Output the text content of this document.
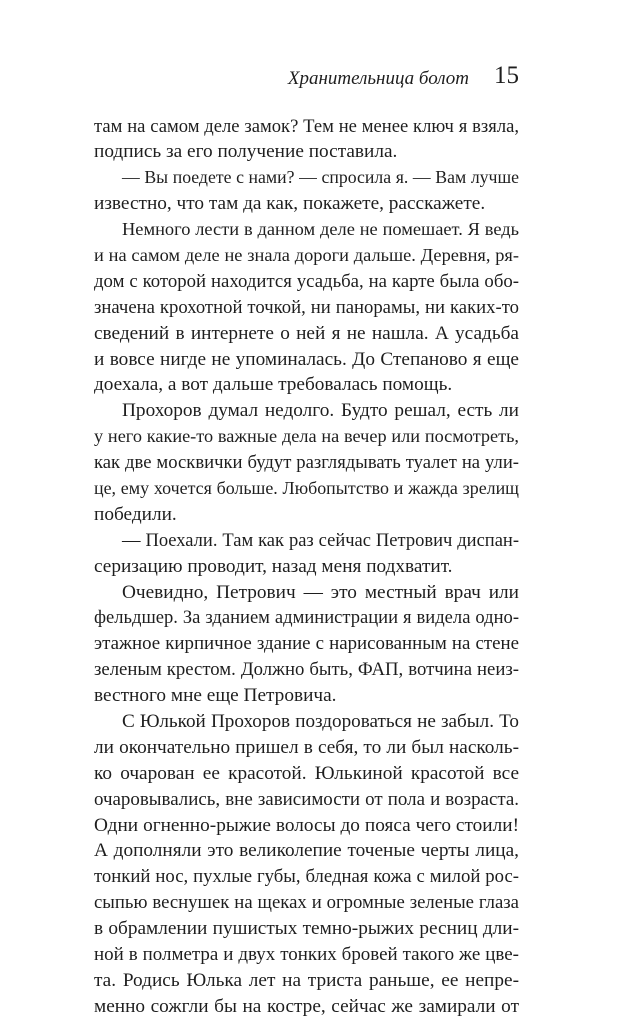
Хранительница болот 15
там на самом деле замок? Тем не менее ключ я взяла,
подпись за его получение поставила.
— Вы поедете с нами? — спросила я. — Вам лучше
известно, что там да как, покажете, расскажете.
Немного лести в данном деле не помешает. Я ведь
и на самом деле не знала дороги дальше. Деревня, ря-
дом с которой находится усадьба, на карте была обо-
значена крохотной точкой, ни панорамы, ни каких-то
сведений в интернете о ней я не нашла. А усадьба
и вовсе нигде не упоминалась. До Степаново я еще
доехала, а вот дальше требовалась помощь.
Прохоров думал недолго. Будто решал, есть ли
у него какие-то важные дела на вечер или посмотреть,
как две москвички будут разглядывать туалет на ули-
це, ему хочется больше. Любопытство и жажда зрелищ
победили.
— Поехали. Там как раз сейчас Петрович диспан-
серизацию проводит, назад меня подхватит.
Очевидно, Петрович — это местный врач или
фельдшер. За зданием администрации я видела одно-
этажное кирпичное здание с нарисованным на стене
зеленым крестом. Должно быть, ФАП, вотчина неиз-
вестного мне еще Петровича.
С Юлькой Прохоров поздороваться не забыл. То
ли окончательно пришел в себя, то ли был насколь-
ко очарован ее красотой. Юлькиной красотой все
очаровывались, вне зависимости от пола и возраста.
Одни огненно-рыжие волосы до пояса чего стоили!
А дополняли это великолепие точеные черты лица,
тонкий нос, пухлые губы, бледная кожа с милой рос-
сыпью веснушек на щеках и огромные зеленые глаза
в обрамлении пушистых темно-рыжих ресниц дли-
ной в полметра и двух тонких бровей такого же цве-
та. Родись Юлька лет на триста раньше, ее непре-
менно сожгли бы на костре, сейчас же замирали от
